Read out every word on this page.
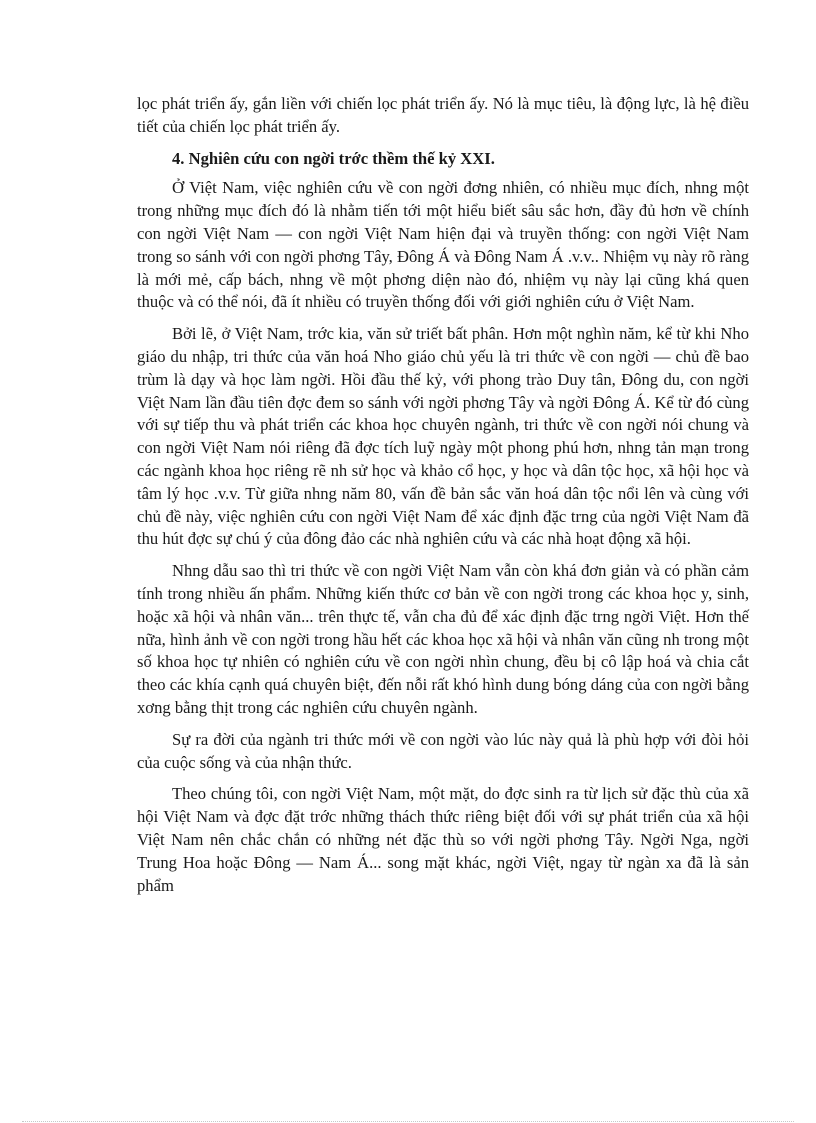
lọc phát triển ấy, gắn liền với chiến lọc phát triển ấy. Nó là mục tiêu, là động lực, là hệ điều tiết của chiến lọc phát triển ấy.

4. Nghiên cứu con ngời trớc thềm thế kỷ XXI.

Ở Việt Nam, việc nghiên cứu về con ngời đơng nhiên, có nhiều mục đích, nhng một trong những mục đích đó là nhằm tiến tới một hiểu biết sâu sắc hơn, đầy đủ hơn về chính con ngời Việt Nam — con ngời Việt Nam hiện đại và truyền thống: con ngời Việt Nam trong so sánh với con ngời phơng Tây, Đông Á và Đông Nam Á .v.v.. Nhiệm vụ này rõ ràng là mới mẻ, cấp bách, nhng về một phơng diện nào đó, nhiệm vụ này lại cũng khá quen thuộc và có thể nói, đã ít nhiều có truyền thống đối với giới nghiên cứu ở Việt Nam.

Bởi lẽ, ở Việt Nam, trớc kia, văn sử triết bất phân. Hơn một nghìn năm, kể từ khi Nho giáo du nhập, tri thức của văn hoá Nho giáo chủ yếu là tri thức về con ngời — chủ đề bao trùm là dạy và học làm ngời. Hồi đầu thế kỷ, với phong trào Duy tân, Đông du, con ngời Việt Nam lần đầu tiên đợc đem so sánh với ngời phơng Tây và ngời Đông Á. Kể từ đó cùng với sự tiếp thu và phát triển các khoa học chuyên ngành, tri thức về con ngời nói chung và con ngời Việt Nam nói riêng đã đợc tích luỹ ngày một phong phú hơn, nhng tản mạn trong các ngành khoa học riêng rẽ nh sử học và khảo cổ học, y học và dân tộc học, xã hội học và tâm lý học .v.v. Từ giữa nhng năm 80, vấn đề bản sắc văn hoá dân tộc nổi lên và cùng với chủ đề này, việc nghiên cứu con ngời Việt Nam để xác định đặc trng của ngời Việt Nam đã thu hút đợc sự chú ý của đông đảo các nhà nghiên cứu và các nhà hoạt động xã hội.

Nhng dẫu sao thì tri thức về con ngời Việt Nam vẫn còn khá đơn giản và có phần cảm tính trong nhiều ấn phẩm. Những kiến thức cơ bản về con ngời trong các khoa học y, sinh, hoặc xã hội và nhân văn... trên thực tế, vẫn cha đủ để xác định đặc trng ngời Việt. Hơn thế nữa, hình ảnh về con ngời trong hầu hết các khoa học xã hội và nhân văn cũng nh trong một số khoa học tự nhiên có nghiên cứu về con ngời nhìn chung, đều bị cô lập hoá và chia cắt theo các khía cạnh quá chuyên biệt, đến nỗi rất khó hình dung bóng dáng của con ngời bằng xơng bằng thịt trong các nghiên cứu chuyên ngành.

Sự ra đời của ngành tri thức mới về con ngời vào lúc này quả là phù hợp với đòi hỏi của cuộc sống và của nhận thức.

Theo chúng tôi, con ngời Việt Nam, một mặt, do đợc sinh ra từ lịch sử đặc thù của xã hội Việt Nam và đợc đặt trớc những thách thức riêng biệt đối với sự phát triển của xã hội Việt Nam nên chắc chắn có những nét đặc thù so với ngời phơng Tây. Ngời Nga, ngời Trung Hoa hoặc Đông — Nam Á... song mặt khác, ngời Việt, ngay từ ngàn xa đã là sản phẩm
